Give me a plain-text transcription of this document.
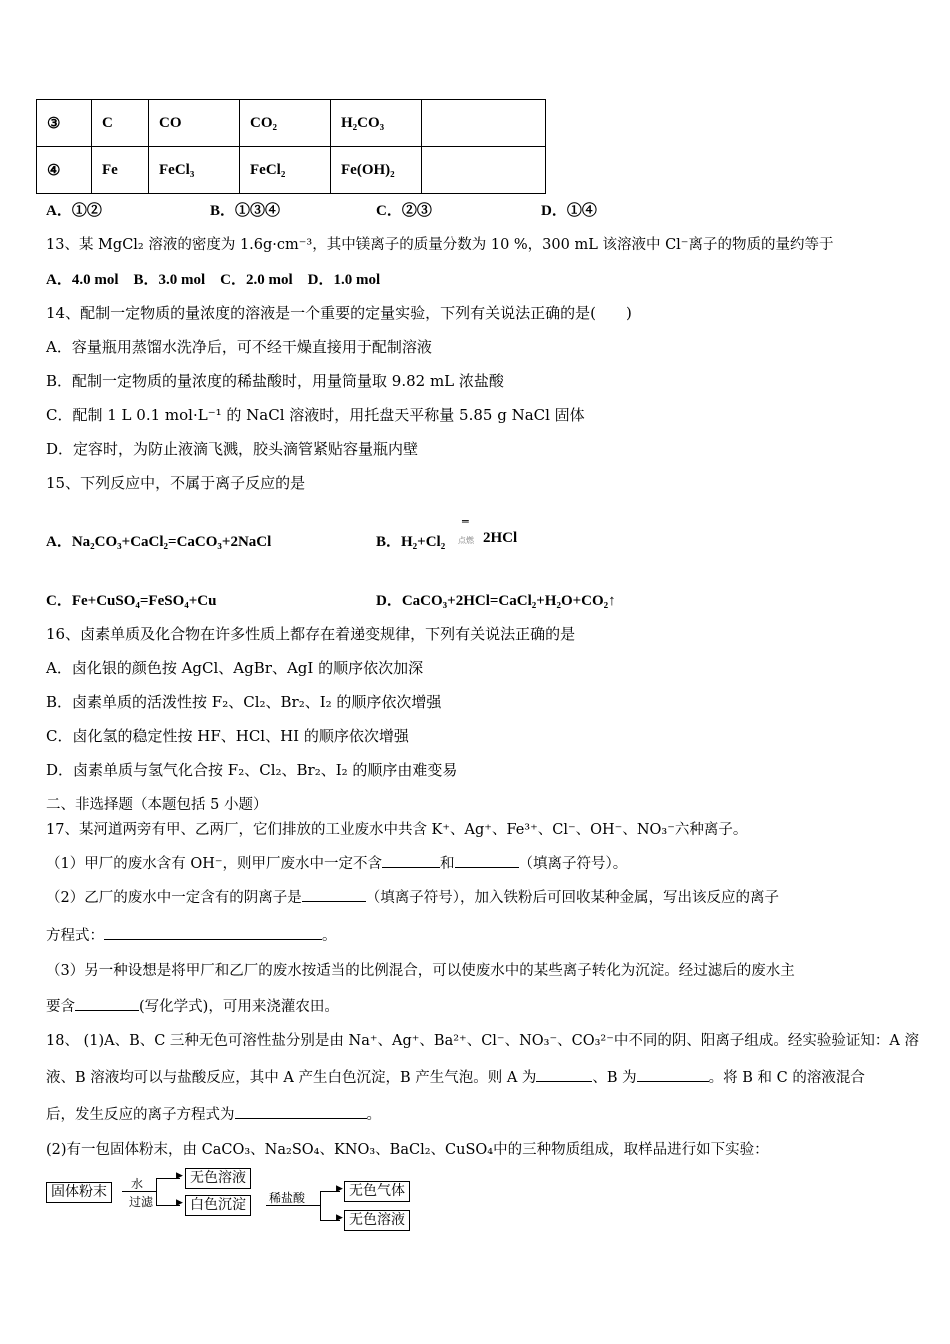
③	C	CO	CO₂	H₂CO₃	
④	Fe	FeCl₃	FeCl₂	Fe(OH)₂	
A．①②	B．①③④	C．②③	D．①④
13、某 MgCl₂ 溶液的密度为 1.6g·cm⁻³，其中镁离子的质量分数为 10 %，300 mL 该溶液中 Cl⁻离子的物质的量约等于
A．4.0 mol　B．3.0 mol　C．2.0 mol　D．1.0 mol
14、配制一定物质的量浓度的溶液是一个重要的定量实验，下列有关说法正确的是(　　)
A．容量瓶用蒸馏水洗净后，可不经干燥直接用于配制溶液
B．配制一定物质的量浓度的稀盐酸时，用量筒量取 9.82 mL 浓盐酸
C．配制 1 L 0.1 mol·L⁻¹ 的 NaCl 溶液时，用托盘天平称量 5.85 g NaCl 固体
D．定容时，为防止液滴飞溅，胶头滴管紧贴容量瓶内壁
15、下列反应中，不属于离子反应的是
A．Na₂CO₃+CaCl₂=CaCO₃+2NaCl	B．H₂+Cl₂
═
点燃 2HCl
C．Fe+CuSO₄=FeSO₄+Cu	D．CaCO₃+2HCl=CaCl₂+H₂O+CO₂↑
16、卤素单质及化合物在许多性质上都存在着递变规律，下列有关说法正确的是
A．卤化银的颜色按 AgCl、AgBr、AgI 的顺序依次加深
B．卤素单质的活泼性按 F₂、Cl₂、Br₂、I₂ 的顺序依次增强
C．卤化氢的稳定性按 HF、HCl、HI 的顺序依次增强
D．卤素单质与氢气化合按 F₂、Cl₂、Br₂、I₂ 的顺序由难变易
二、非选择题（本题包括 5 小题）
17、某河道两旁有甲、乙两厂，它们排放的工业废水中共含 K⁺、Ag⁺、Fe³⁺、Cl⁻、OH⁻、NO₃⁻六种离子。
（1）甲厂的废水含有 OH⁻，则甲厂废水中一定不含	和	（填离子符号）。
（2）乙厂的废水中一定含有的阴离子是	（填离子符号），加入铁粉后可回收某种金属，写出该反应的离子
方程式：	。
（3）另一种设想是将甲厂和乙厂的废水按适当的比例混合，可以使废水中的某些离子转化为沉淀。经过滤后的废水主
要含	(写化学式)，可用来浇灌农田。
18、 (1)A、B、C 三种无色可溶性盐分别是由 Na⁺、Ag⁺、Ba²⁺、Cl⁻、NO₃⁻、CO₃²⁻中不同的阴、阳离子组成。经实验验证知：A 溶
液、B 溶液均可以与盐酸反应，其中 A 产生白色沉淀，B 产生气泡。则 A 为	、B 为	。将 B 和 C 的溶液混合
后，发生反应的离子方程式为	。
(2)有一包固体粉末，由 CaCO₃、Na₂SO₄、KNO₃、BaCl₂、CuSO₄中的三种物质组成，取样品进行如下实验：
固体粉末	水
过滤
▶
▶
无色溶液
白色沉淀	稀盐酸
▶
▶
无色气体
无色溶液
